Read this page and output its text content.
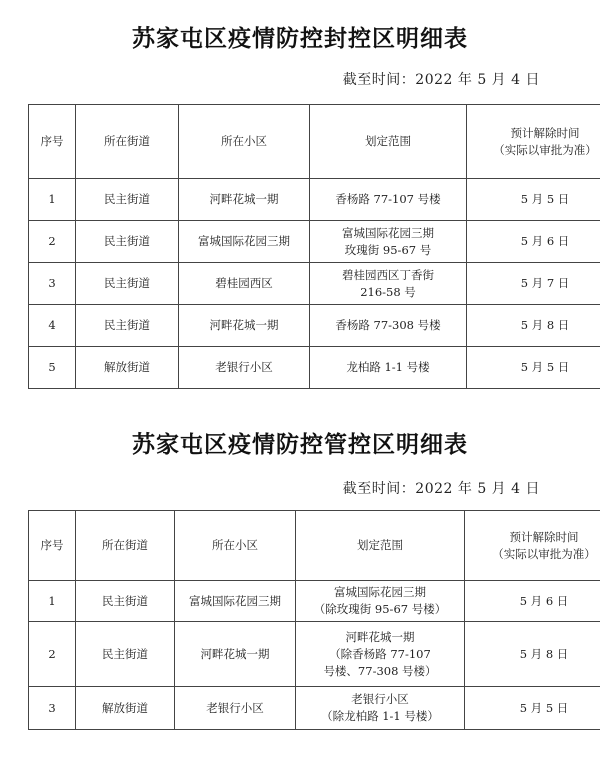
苏家屯区疫情防控封控区明细表
截至时间：2022 年 5 月 4 日
序号	所在街道	所在小区	划定范围	预计解除时间
（实际以审批为准）

1	民主街道	河畔花城一期	香杨路 77-107 号楼	5 月 5 日
2	民主街道	富城国际花园三期	富城国际花园三期
玫瑰街 95-67 号	5 月 6 日
3	民主街道	碧桂园西区	碧桂园西区丁香街
216-58 号	5 月 7 日
4	民主街道	河畔花城一期	香杨路 77-308 号楼	5 月 8 日
5	解放街道	老银行小区	龙柏路 1-1 号楼	5 月 5 日
苏家屯区疫情防控管控区明细表
截至时间：2022 年 5 月 4 日
序号	所在街道	所在小区	划定范围	预计解除时间
（实际以审批为准）

1	民主街道	富城国际花园三期	富城国际花园三期
（除玫瑰街 95-67 号楼）	5 月 6 日
2	民主街道	河畔花城一期	河畔花城一期
（除香杨路 77-107
号楼、77-308 号楼）	5 月 8 日
3	解放街道	老银行小区	老银行小区
（除龙柏路 1-1 号楼）	5 月 5 日
